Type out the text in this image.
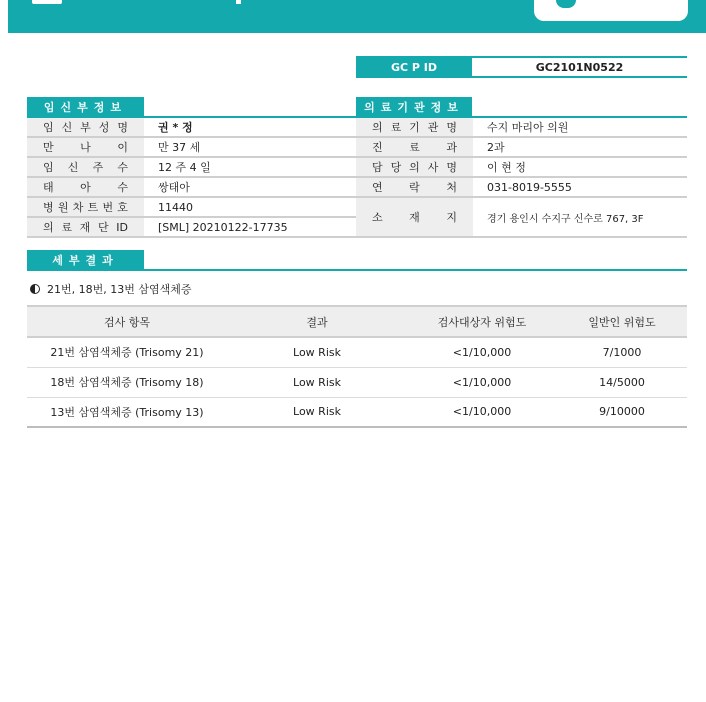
GC P ID	GC2101N0522
임신부정보
임 신 부 성 명	권 * 정
만 나 이	만 37 세
임 신 주 수	12 주 4 일
태 아 수	쌍태아
병 원 차 트 번 호	11440
의 료 재 단 ID	[SML] 20210122-17735
의료기관정보
의 료 기 관 명	수지 마리아 의원
진 료 과	2과
담 당 의 사 명	이 현 정
연 락 처	031-8019-5555
소 재 지	경기 용인시 수지구 신수로 767, 3F
세부결과
21번, 18번, 13번 삼염색체증
검사 항목	결과	검사대상자 위험도	일반인 위험도
21번 삼염색체증 (Trisomy 21)	Low Risk	<1/10,000	7/1000
18번 삼염색체증 (Trisomy 18)	Low Risk	<1/10,000	14/5000
13번 삼염색체증 (Trisomy 13)	Low Risk	<1/10,000	9/10000
